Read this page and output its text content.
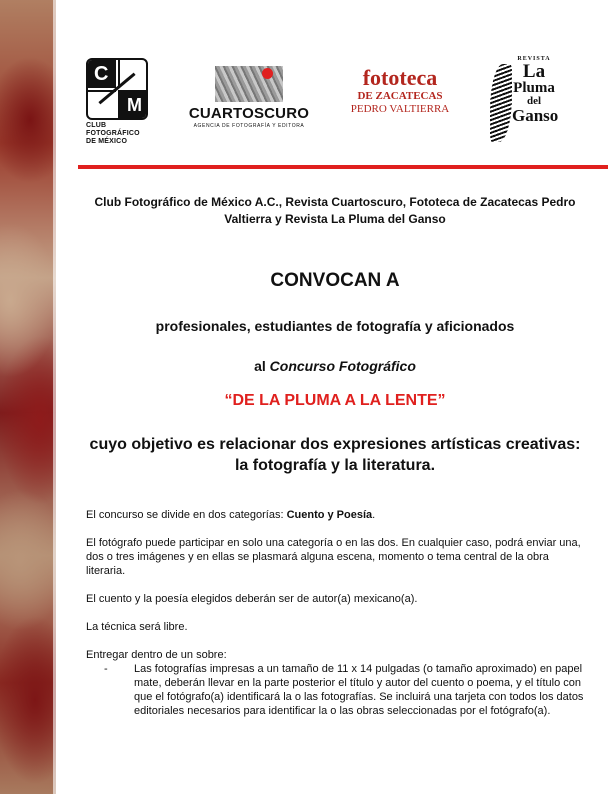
C
M
CLUB
FOTOGRÁFICO
DE MÉXICO
CUARTOSCURO
AGENCIA DE FOTOGRAFÍA Y EDITORA
fototeca
DE ZACATECAS
PEDRO VALTIERRA
REVISTA
La
Pluma
del
Ganso

Club Fotográfico de México A.C., Revista Cuartoscuro, Fototeca de Zacatecas Pedro Valtierra y Revista La Pluma del Ganso

CONVOCAN A

profesionales, estudiantes de fotografía y aficionados

al Concurso Fotográfico

“DE LA PLUMA A LA LENTE”

cuyo objetivo es relacionar dos expresiones artísticas creativas: la fotografía y la literatura.

El concurso se divide en dos categorías: Cuento y Poesía.

El fotógrafo puede participar en solo una categoría o en las dos. En cualquier caso, podrá enviar una, dos o tres imágenes y en ellas se plasmará alguna escena, momento o tema central de la obra literaria.

El cuento y la poesía elegidos deberán ser de autor(a) mexicano(a).

La técnica será libre.

Entregar dentro de un sobre:

- Las fotografías impresas a un tamaño de 11 x 14 pulgadas (o tamaño aproximado) en papel mate, deberán llevar en la parte posterior el título y autor del cuento o poema, y el título con que el fotógrafo(a) identificará la o las fotografías. Se incluirá una tarjeta con todos los datos editoriales necesarios para identificar la o las obras seleccionadas por el fotógrafo(a).
